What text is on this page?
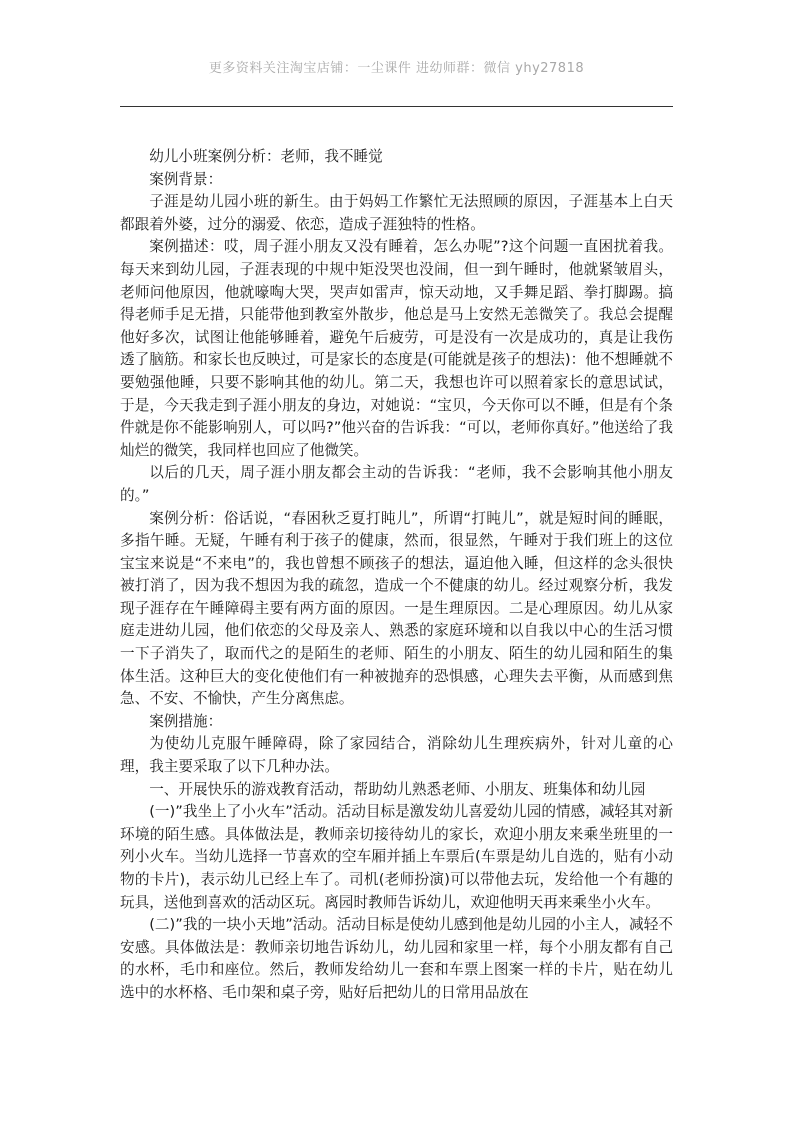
更多资料关注淘宝店铺：一尘课件 进幼师群：微信 yhy27818

幼儿小班案例分析：老师，我不睡觉

案例背景：

子涯是幼儿园小班的新生。由于妈妈工作繁忙无法照顾的原因，子涯基本上白天都跟着外婆，过分的溺爱、依恋，造成子涯独特的性格。

案例描述：哎，周子涯小朋友又没有睡着，怎么办呢”?这个问题一直困扰着我。每天来到幼儿园，子涯表现的中规中矩没哭也没闹，但一到午睡时，他就紧皱眉头，老师问他原因，他就嚎啕大哭，哭声如雷声，惊天动地，又手舞足蹈、拳打脚踢。搞得老师手足无措，只能带他到教室外散步，他总是马上安然无恙微笑了。我总会提醒他好多次，试图让他能够睡着，避免午后疲劳，可是没有一次是成功的，真是让我伤透了脑筋。和家长也反映过，可是家长的态度是(可能就是孩子的想法)：他不想睡就不要勉强他睡，只要不影响其他的幼儿。第二天，我想也许可以照着家长的意思试试，于是，今天我走到子涯小朋友的身边，对她说：“宝贝，今天你可以不睡，但是有个条件就是你不能影响别人，可以吗?”他兴奋的告诉我：“可以，老师你真好。”他送给了我灿烂的微笑，我同样也回应了他微笑。

以后的几天，周子涯小朋友都会主动的告诉我：“老师，我不会影响其他小朋友的。”

案例分析：俗话说，“春困秋乏夏打盹儿”，所谓“打盹儿”，就是短时间的睡眠，多指午睡。无疑，午睡有利于孩子的健康，然而，很显然，午睡对于我们班上的这位宝宝来说是“不来电”的，我也曾想不顾孩子的想法，逼迫他入睡，但这样的念头很快被打消了，因为我不想因为我的疏忽，造成一个不健康的幼儿。经过观察分析，我发现子涯存在午睡障碍主要有两方面的原因。一是生理原因。二是心理原因。幼儿从家庭走进幼儿园，他们依恋的父母及亲人、熟悉的家庭环境和以自我以中心的生活习惯一下子消失了，取而代之的是陌生的老师、陌生的小朋友、陌生的幼儿园和陌生的集体生活。这种巨大的变化使他们有一种被抛弃的恐惧感，心理失去平衡，从而感到焦急、不安、不愉快，产生分离焦虑。

案例措施：

为使幼儿克服午睡障碍，除了家园结合，消除幼儿生理疾病外，针对儿童的心理，我主要采取了以下几种办法。

一、开展快乐的游戏教育活动，帮助幼儿熟悉老师、小朋友、班集体和幼儿园

(一)”我坐上了小火车”活动。活动目标是激发幼儿喜爱幼儿园的情感，减轻其对新环境的陌生感。具体做法是，教师亲切接待幼儿的家长，欢迎小朋友来乘坐班里的一列小火车。当幼儿选择一节喜欢的空车厢并插上车票后(车票是幼儿自选的，贴有小动物的卡片)，表示幼儿已经上车了。司机(老师扮演)可以带他去玩，发给他一个有趣的玩具，送他到喜欢的活动区玩。离园时教师告诉幼儿，欢迎他明天再来乘坐小火车。

(二)”我的一块小天地”活动。活动目标是使幼儿感到他是幼儿园的小主人，减轻不安感。具体做法是：教师亲切地告诉幼儿，幼儿园和家里一样，每个小朋友都有自己的水杯，毛巾和座位。然后，教师发给幼儿一套和车票上图案一样的卡片，贴在幼儿选中的水杯格、毛巾架和桌子旁，贴好后把幼儿的日常用品放在
